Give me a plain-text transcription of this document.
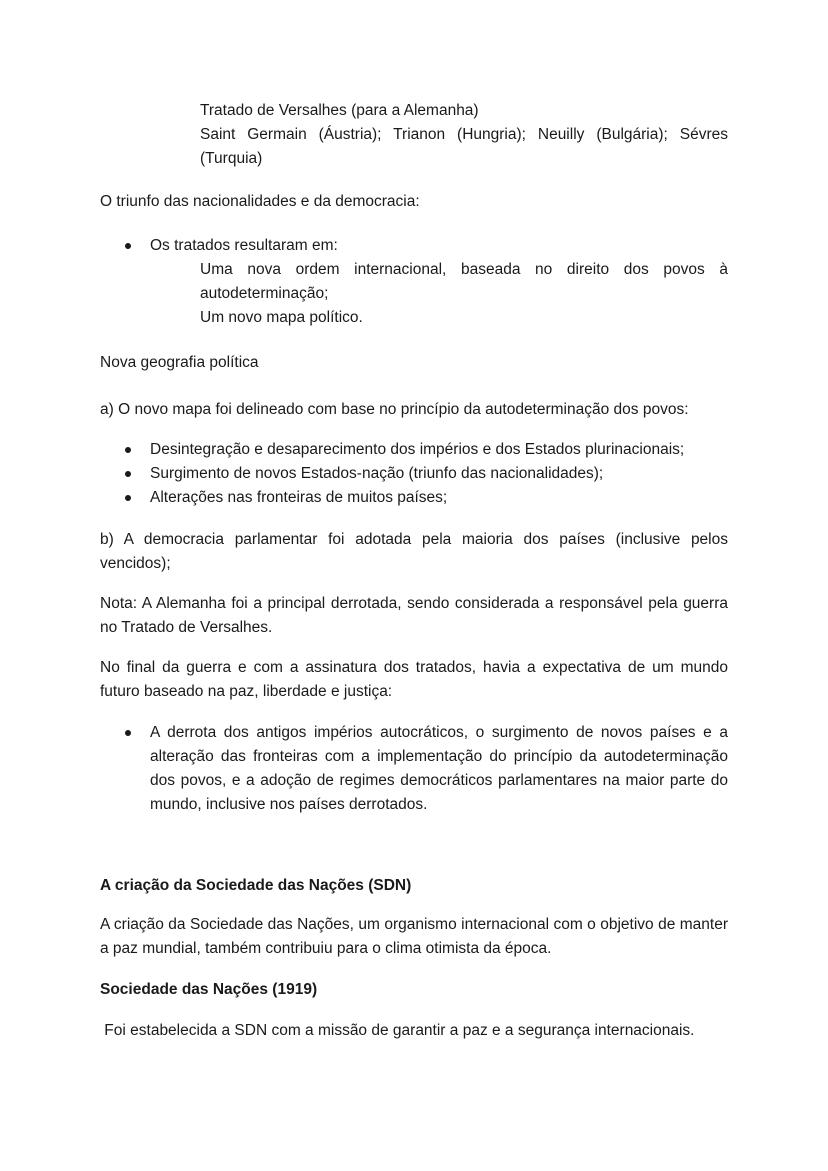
Tratado de Versalhes (para a Alemanha)

Saint Germain (Áustria); Trianon (Hungria); Neuilly (Bulgária); Sévres

(Turquia)

O triunfo das nacionalidades e da democracia:

Os tratados resultaram em:

Uma nova ordem internacional, baseada no direito dos povos à

autodeterminação;

Um novo mapa político.

Nova geografia política

a) O novo mapa foi delineado com base no princípio da autodeterminação dos povos:

Desintegração e desaparecimento dos impérios e dos Estados plurinacionais;
Surgimento de novos Estados-nação (triunfo das nacionalidades);
Alterações nas fronteiras de muitos países;

b) A democracia parlamentar foi adotada pela maioria dos países (inclusive pelos vencidos);

Nota: A Alemanha foi a principal derrotada, sendo considerada a responsável pela guerra no Tratado de Versalhes.

No final da guerra e com a assinatura dos tratados, havia a expectativa de um mundo futuro baseado na paz, liberdade e justiça:

A derrota dos antigos impérios autocráticos, o surgimento de novos países e a alteração das fronteiras com a implementação do princípio da autodeterminação dos povos, e a adoção de regimes democráticos parlamentares na maior parte do mundo, inclusive nos países derrotados.

A criação da Sociedade das Nações (SDN)

A criação da Sociedade das Nações, um organismo internacional com o objetivo de manter a paz mundial, também contribuiu para o clima otimista da época.

Sociedade das Nações (1919)

Foi estabelecida a SDN com a missão de garantir a paz e a segurança internacionais.
